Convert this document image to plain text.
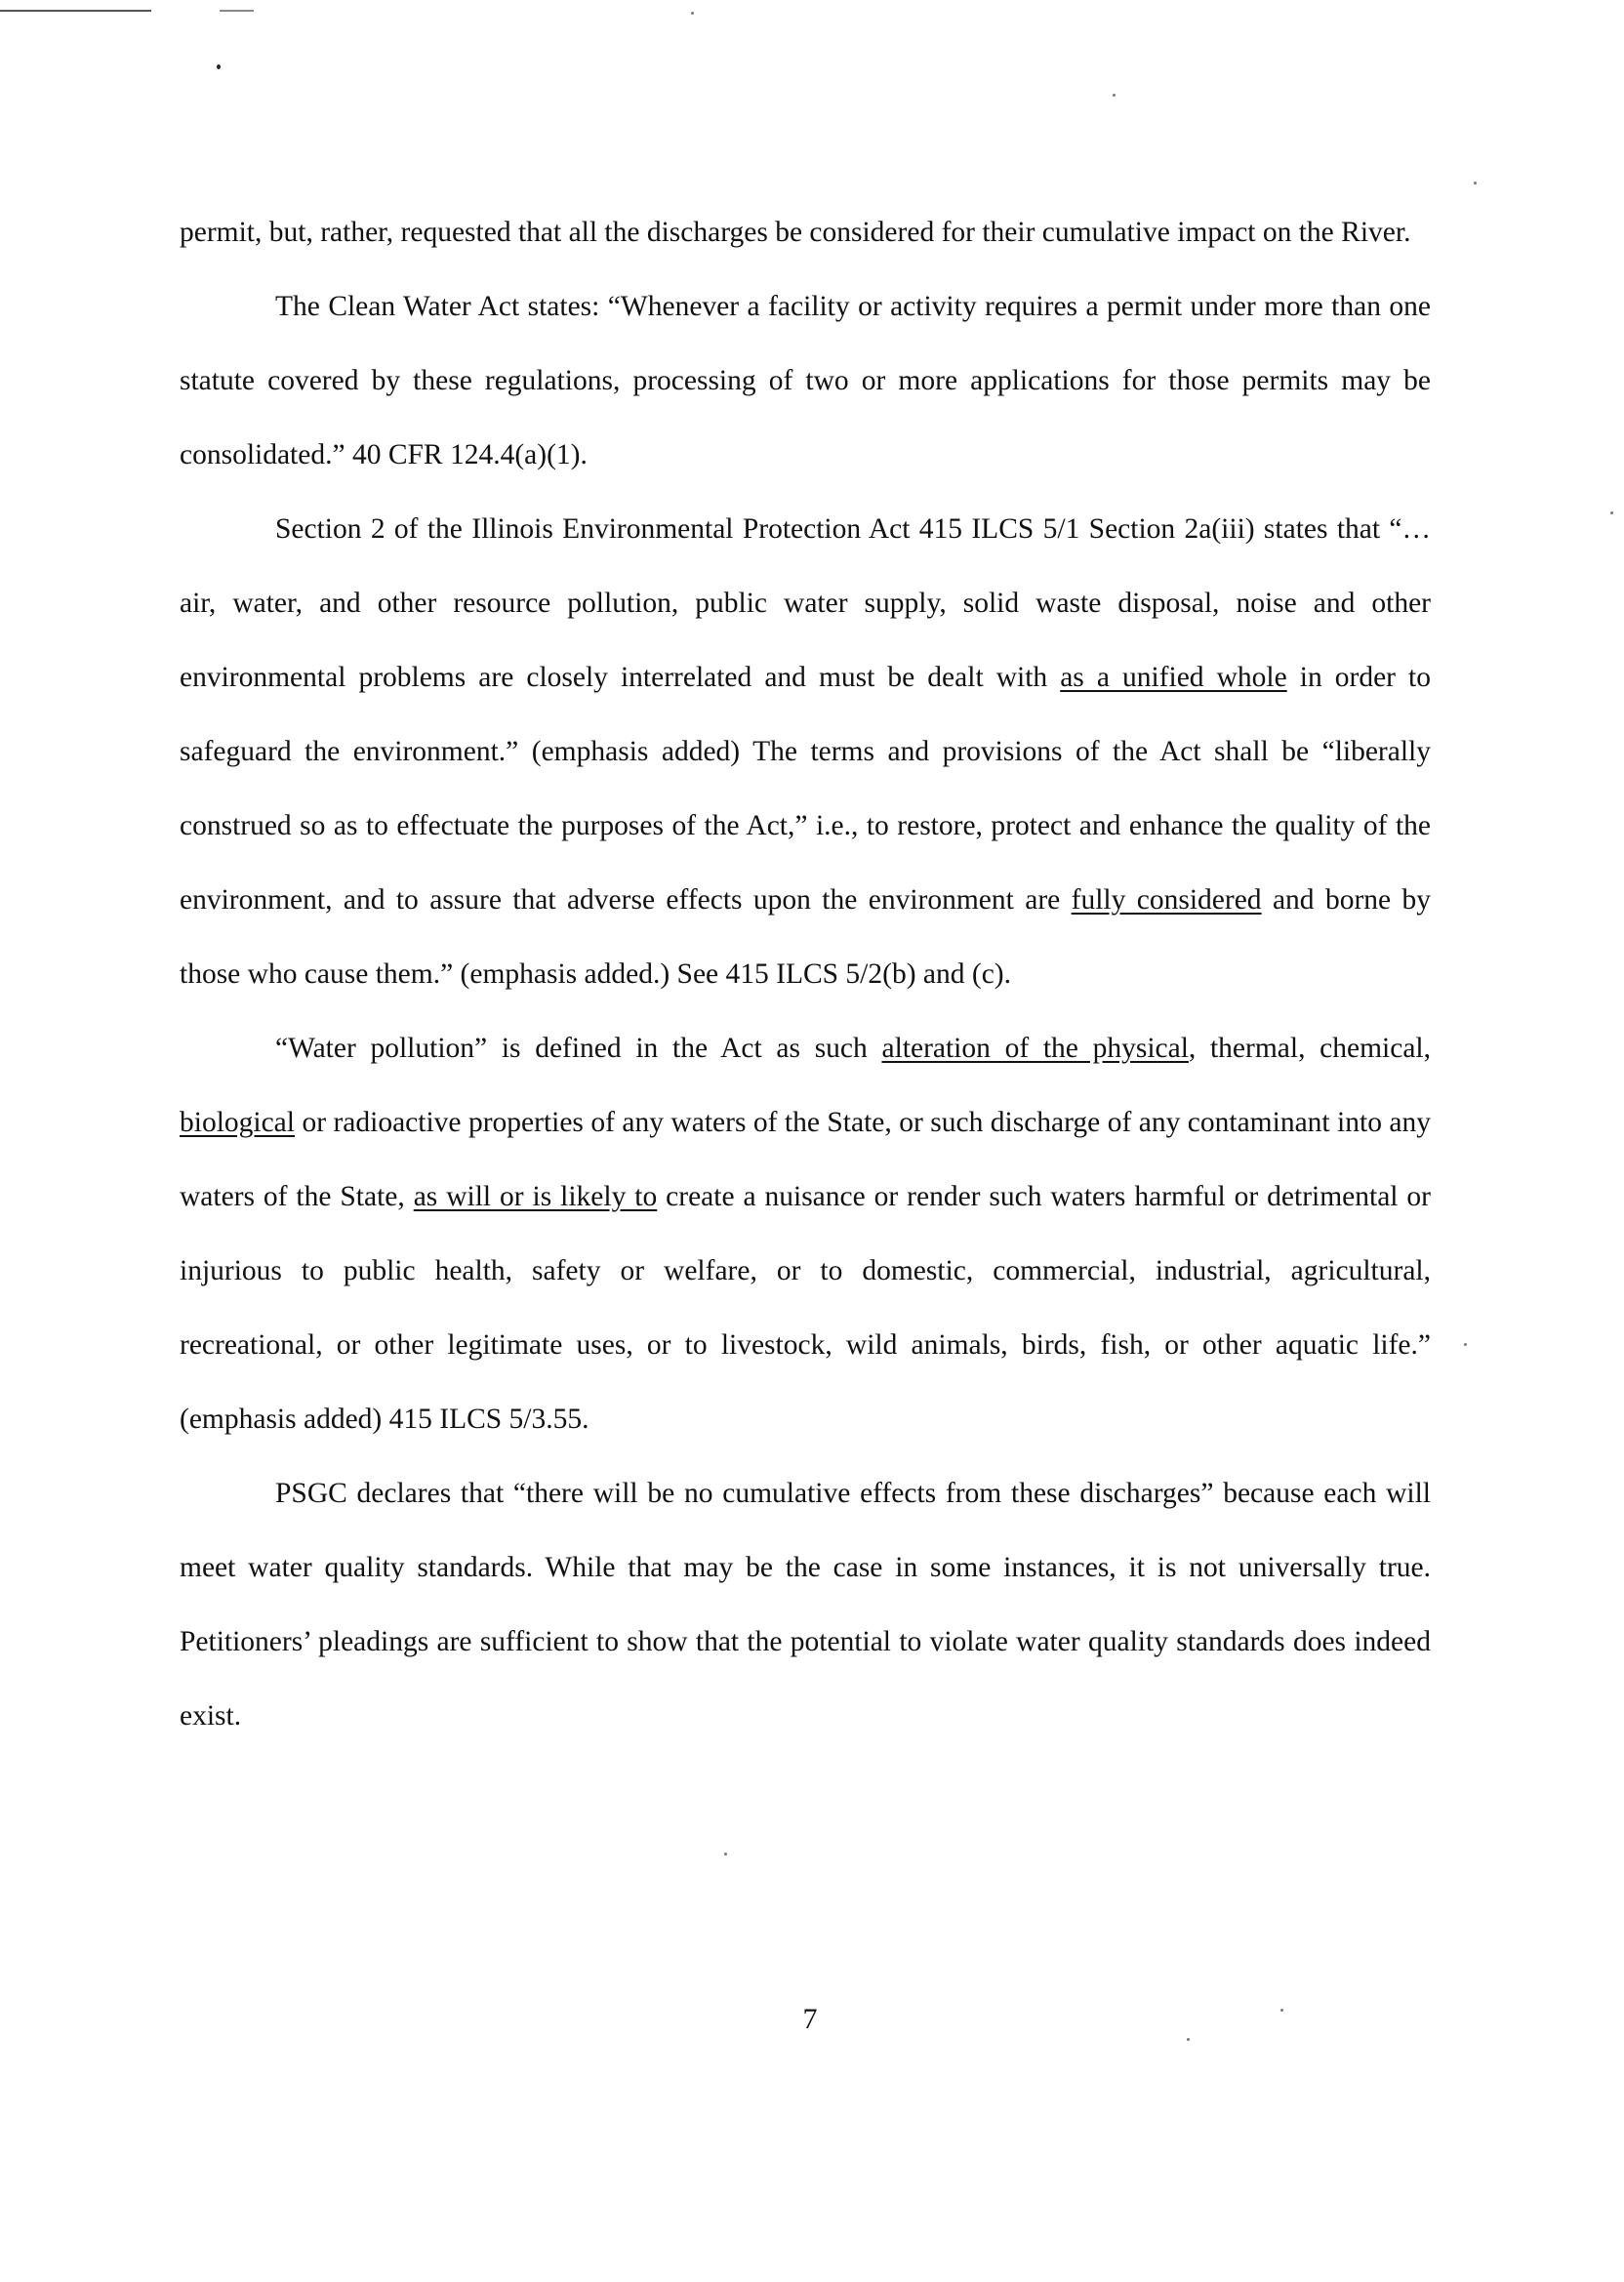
permit, but, rather, requested that all the discharges be considered for their cumulative impact on the River.

The Clean Water Act states: “Whenever a facility or activity requires a permit under more than one statute covered by these regulations, processing of two or more applications for those permits may be consolidated.” 40 CFR 124.4(a)(1).

Section 2 of the Illinois Environmental Protection Act 415 ILCS 5/1 Section 2a(iii) states that “…air, water, and other resource pollution, public water supply, solid waste disposal, noise and other environmental problems are closely interrelated and must be dealt with as a unified whole in order to safeguard the environment.” (emphasis added) The terms and provisions of the Act shall be “liberally construed so as to effectuate the purposes of the Act,” i.e., to restore, protect and enhance the quality of the environment, and to assure that adverse effects upon the environment are fully considered and borne by those who cause them.” (emphasis added.) See 415 ILCS 5/2(b) and (c).

“Water pollution” is defined in the Act as such alteration of the physical, thermal, chemical, biological or radioactive properties of any waters of the State, or such discharge of any contaminant into any waters of the State, as will or is likely to create a nuisance or render such waters harmful or detrimental or injurious to public health, safety or welfare, or to domestic, commercial, industrial, agricultural, recreational, or other legitimate uses, or to livestock, wild animals, birds, fish, or other aquatic life.” (emphasis added) 415 ILCS 5/3.55.

PSGC declares that “there will be no cumulative effects from these discharges” because each will meet water quality standards. While that may be the case in some instances, it is not universally true. Petitioners’ pleadings are sufficient to show that the potential to violate water quality standards does indeed exist.

7
